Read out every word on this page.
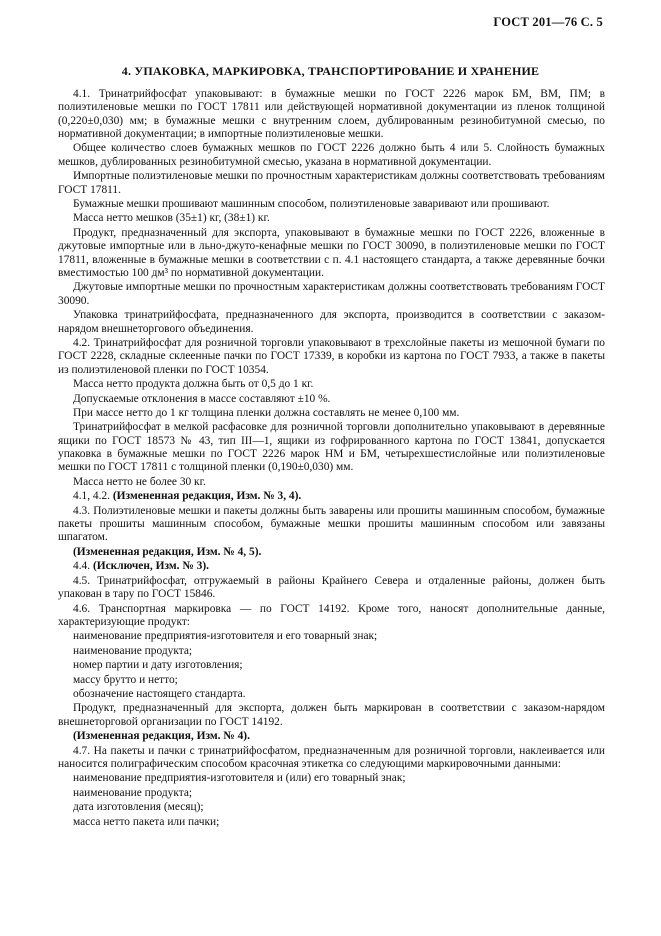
ГОСТ 201—76 С. 5
4. УПАКОВКА, МАРКИРОВКА, ТРАНСПОРТИРОВАНИЕ И ХРАНЕНИЕ

4.1. Тринатрийфосфат упаковывают: в бумажные мешки по ГОСТ 2226 марок БМ, ВМ, ПМ; в полиэтиленовые мешки по ГОСТ 17811 или действующей нормативной документации из пленок толщиной (0,220±0,030) мм; в бумажные мешки с внутренним слоем, дублированным резинобитумной смесью, по нормативной документации; в импортные полиэтиленовые мешки.

Общее количество слоев бумажных мешков по ГОСТ 2226 должно быть 4 или 5. Слойность бумажных мешков, дублированных резинобитумной смесью, указана в нормативной документации.

Импортные полиэтиленовые мешки по прочностным характеристикам должны соответствовать требованиям ГОСТ 17811.

Бумажные мешки прошивают машинным способом, полиэтиленовые заваривают или прошивают.

Масса нетто мешков (35±1) кг, (38±1) кг.

Продукт, предназначенный для экспорта, упаковывают в бумажные мешки по ГОСТ 2226, вложенные в джутовые импортные или в льно-джуто-кенафные мешки по ГОСТ 30090, в полиэтиленовые мешки по ГОСТ 17811, вложенные в бумажные мешки в соответствии с п. 4.1 настоящего стандарта, а также деревянные бочки вместимостью 100 дм³ по нормативной документации.

Джутовые импортные мешки по прочностным характеристикам должны соответствовать требованиям ГОСТ 30090.

Упаковка тринатрийфосфата, предназначенного для экспорта, производится в соответствии с заказом-нарядом внешнеторгового объединения.

4.2. Тринатрийфосфат для розничной торговли упаковывают в трехслойные пакеты из мешочной бумаги по ГОСТ 2228, складные склеенные пачки по ГОСТ 17339, в коробки из картона по ГОСТ 7933, а также в пакеты из полиэтиленовой пленки по ГОСТ 10354.

Масса нетто продукта должна быть от 0,5 до 1 кг.

Допускаемые отклонения в массе составляют ±10 %.

При массе нетто до 1 кг толщина пленки должна составлять не менее 0,100 мм.

Тринатрийфосфат в мелкой расфасовке для розничной торговли дополнительно упаковывают в деревянные ящики по ГОСТ 18573 № 43, тип III—1, ящики из гофрированного картона по ГОСТ 13841, допускается упаковка в бумажные мешки по ГОСТ 2226 марок НМ и БМ, четырехшестислойные или полиэтиленовые мешки по ГОСТ 17811 с толщиной пленки (0,190±0,030) мм.

Масса нетто не более 30 кг.

4.1, 4.2. (Измененная редакция, Изм. № 3, 4).

4.3. Полиэтиленовые мешки и пакеты должны быть заварены или прошиты машинным способом, бумажные пакеты прошиты машинным способом, бумажные мешки прошиты машинным способом или завязаны шпагатом.

(Измененная редакция, Изм. № 4, 5).

4.4. (Исключен, Изм. № 3).

4.5. Тринатрийфосфат, отгружаемый в районы Крайнего Севера и отдаленные районы, должен быть упакован в тару по ГОСТ 15846.

4.6. Транспортная маркировка — по ГОСТ 14192. Кроме того, наносят дополнительные данные, характеризующие продукт:

наименование предприятия-изготовителя и его товарный знак;

наименование продукта;

номер партии и дату изготовления;

массу брутто и нетто;

обозначение настоящего стандарта.

Продукт, предназначенный для экспорта, должен быть маркирован в соответствии с заказом-нарядом внешнеторговой организации по ГОСТ 14192.

(Измененная редакция, Изм. № 4).

4.7. На пакеты и пачки с тринатрийфосфатом, предназначенным для розничной торговли, наклеивается или наносится полиграфическим способом красочная этикетка со следующими маркировочными данными:

наименование предприятия-изготовителя и (или) его товарный знак;

наименование продукта;

дата изготовления (месяц);

масса нетто пакета или пачки;
